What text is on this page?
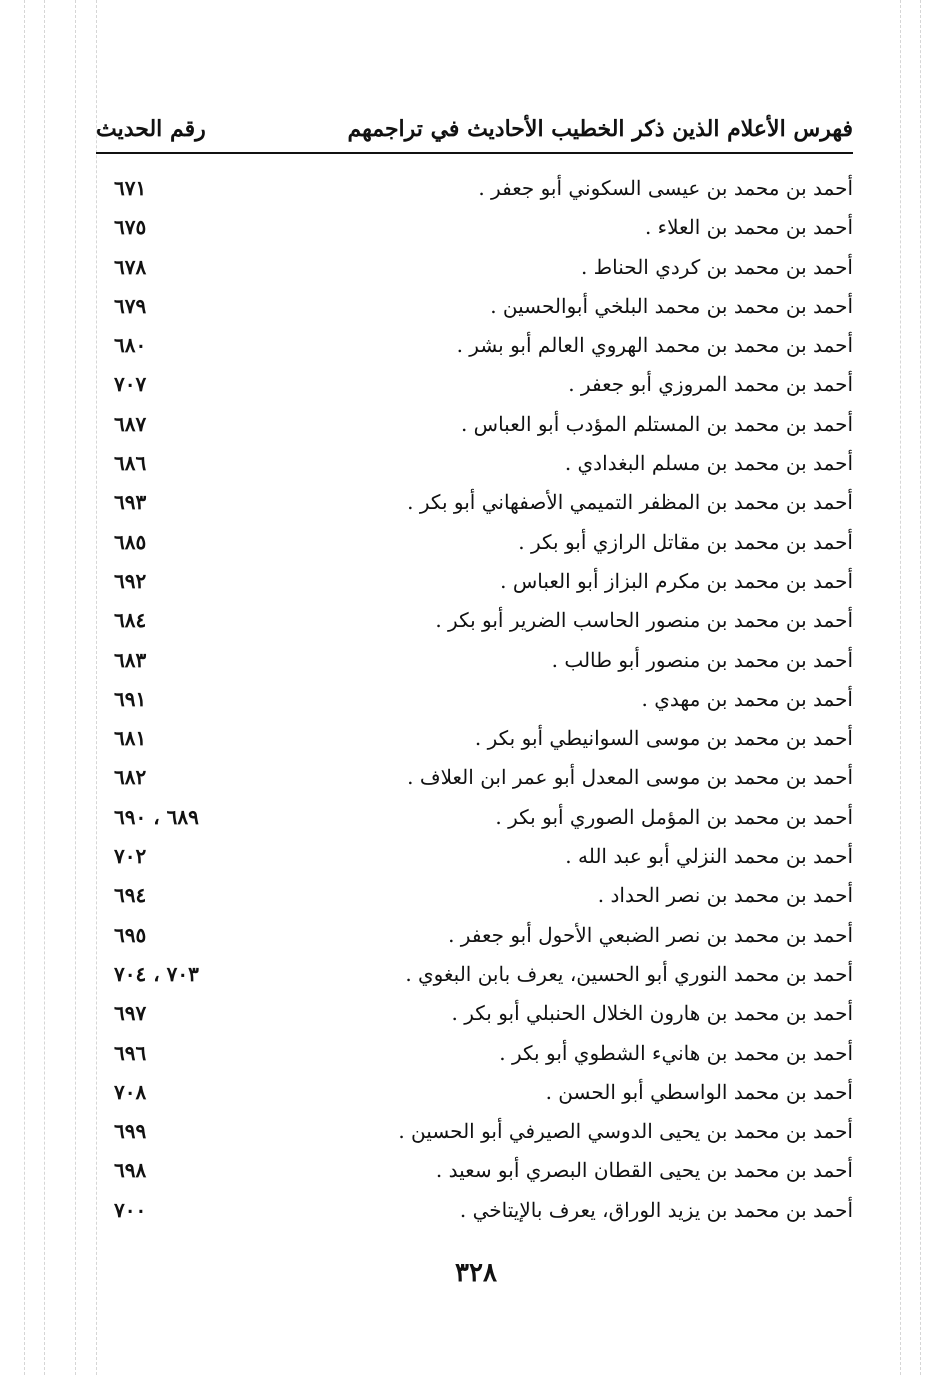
فهرس الأعلام الذين ذكر الخطيب الأحاديث في تراجمهم
رقم الحديث
أحمد بن محمد بن عيسى السكوني أبو جعفر .
٦٧١
أحمد بن محمد بن العلاء .
٦٧٥
أحمد بن محمد بن كردي الحناط .
٦٧٨
أحمد بن محمد بن محمد البلخي أبوالحسين .
٦٧٩
أحمد بن محمد بن محمد الهروي العالم أبو بشر .
٦٨٠
أحمد بن محمد المروزي أبو جعفر .
٧٠٧
أحمد بن محمد بن المستلم المؤدب أبو العباس .
٦٨٧
أحمد بن محمد بن مسلم البغدادي .
٦٨٦
أحمد بن محمد بن المظفر التميمي الأصفهاني أبو بكر .
٦٩٣
أحمد بن محمد بن مقاتل الرازي أبو بكر .
٦٨٥
أحمد بن محمد بن مكرم البزاز أبو العباس .
٦٩٢
أحمد بن محمد بن منصور الحاسب الضرير أبو بكر .
٦٨٤
أحمد بن محمد بن منصور أبو طالب .
٦٨٣
أحمد بن محمد بن مهدي .
٦٩١
أحمد بن محمد بن موسى السوانيطي أبو بكر .
٦٨١
أحمد بن محمد بن موسى المعدل أبو عمر ابن العلاف .
٦٨٢
أحمد بن محمد بن المؤمل الصوري أبو بكر .
٦٨٩ ، ٦٩٠
أحمد بن محمد النزلي أبو عبد الله .
٧٠٢
أحمد بن محمد بن نصر الحداد .
٦٩٤
أحمد بن محمد بن نصر الضبعي الأحول أبو جعفر .
٦٩٥
أحمد بن محمد النوري أبو الحسين، يعرف بابن البغوي .
٧٠٣ ، ٧٠٤
أحمد بن محمد بن هارون الخلال الحنبلي أبو بكر .
٦٩٧
أحمد بن محمد بن هانيء الشطوي أبو بكر .
٦٩٦
أحمد بن محمد الواسطي أبو الحسن .
٧٠٨
أحمد بن محمد بن يحيى الدوسي الصيرفي أبو الحسين .
٦٩٩
أحمد بن محمد بن يحيى القطان البصري أبو سعيد .
٦٩٨
أحمد بن محمد بن يزيد الوراق، يعرف بالإيتاخي .
٧٠٠
٣٢٨
